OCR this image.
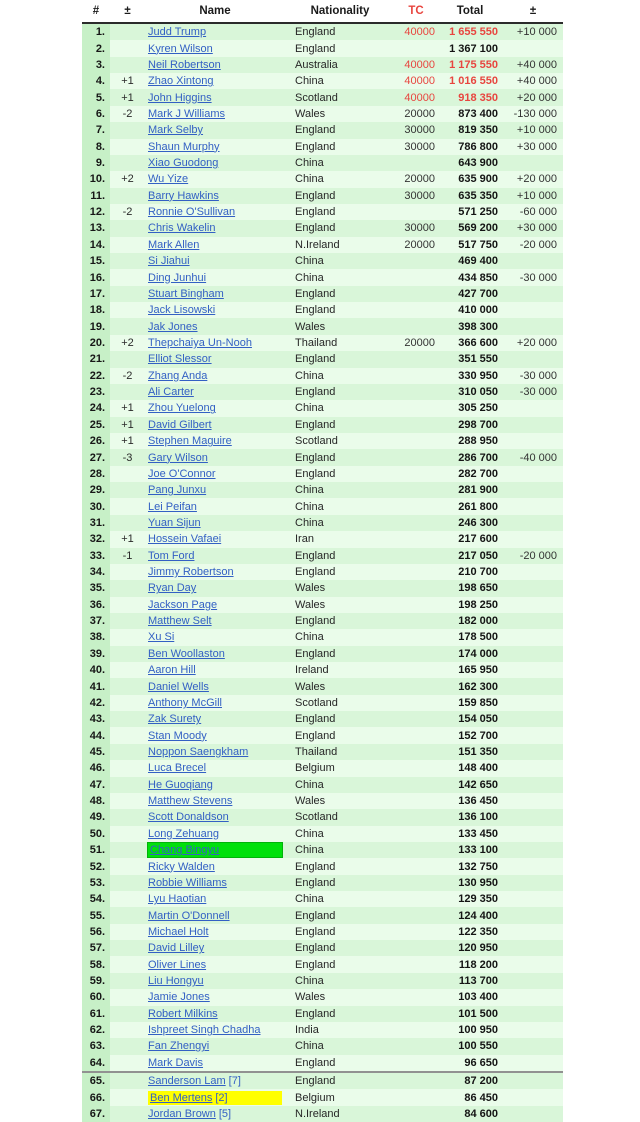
#	±	Name	Nationality	TC	Total	±
1.		Judd Trump	England	40000	1 655 550	+10 000
2.		Kyren Wilson	England		1 367 100	
3.		Neil Robertson	Australia	40000	1 175 550	+40 000
4.	+1	Zhao Xintong	China	40000	1 016 550	+40 000
5.	+1	John Higgins	Scotland	40000	918 350	+20 000
6.	-2	Mark J Williams	Wales	20000	873 400	-130 000
7.		Mark Selby	England	30000	819 350	+10 000
8.		Shaun Murphy	England	30000	786 800	+30 000
9.		Xiao Guodong	China		643 900	
10.	+2	Wu Yize	China	20000	635 900	+20 000
11.		Barry Hawkins	England	30000	635 350	+10 000
12.	-2	Ronnie O'Sullivan	England		571 250	-60 000
13.		Chris Wakelin	England	30000	569 200	+30 000
14.		Mark Allen	N.Ireland	20000	517 750	-20 000
15.		Si Jiahui	China		469 400	
16.		Ding Junhui	China		434 850	-30 000
17.		Stuart Bingham	England		427 700	
18.		Jack Lisowski	England		410 000	
19.		Jak Jones	Wales		398 300	
20.	+2	Thepchaiya Un-Nooh	Thailand	20000	366 600	+20 000
21.		Elliot Slessor	England		351 550	
22.	-2	Zhang Anda	China		330 950	-30 000
23.		Ali Carter	England		310 050	-30 000
24.	+1	Zhou Yuelong	China		305 250	
25.	+1	David Gilbert	England		298 700	
26.	+1	Stephen Maguire	Scotland		288 950	
27.	-3	Gary Wilson	England		286 700	-40 000
28.		Joe O'Connor	England		282 700	
29.		Pang Junxu	China		281 900	
30.		Lei Peifan	China		261 800	
31.		Yuan Sijun	China		246 300	
32.	+1	Hossein Vafaei	Iran		217 600	
33.	-1	Tom Ford	England		217 050	-20 000
34.		Jimmy Robertson	England		210 700	
35.		Ryan Day	Wales		198 650	
36.		Jackson Page	Wales		198 250	
37.		Matthew Selt	England		182 000	
38.		Xu Si	China		178 500	
39.		Ben Woollaston	England		174 000	
40.		Aaron Hill	Ireland		165 950	
41.		Daniel Wells	Wales		162 300	
42.		Anthony McGill	Scotland		159 850	
43.		Zak Surety	England		154 050	
44.		Stan Moody	England		152 700	
45.		Noppon Saengkham	Thailand		151 350	
46.		Luca Brecel	Belgium		148 400	
47.		He Guoqiang	China		142 650	
48.		Matthew Stevens	Wales		136 450	
49.		Scott Donaldson	Scotland		136 100	
50.		Long Zehuang	China		133 450	
51.		Chang Bingyu	China		133 100	
52.		Ricky Walden	England		132 750	
53.		Robbie Williams	England		130 950	
54.		Lyu Haotian	China		129 350	
55.		Martin O'Donnell	England		124 400	
56.		Michael Holt	England		122 350	
57.		David Lilley	England		120 950	
58.		Oliver Lines	England		118 200	
59.		Liu Hongyu	China		113 700	
60.		Jamie Jones	Wales		103 400	
61.		Robert Milkins	England		101 500	
62.		Ishpreet Singh Chadha	India		100 950	
63.		Fan Zhengyi	China		100 550	
64.		Mark Davis	England		96 650	
65.		Sanderson Lam [7]	England		87 200	
66.		Ben Mertens [2]	Belgium		86 450	
67.		Jordan Brown [5]	N.Ireland		84 600	
